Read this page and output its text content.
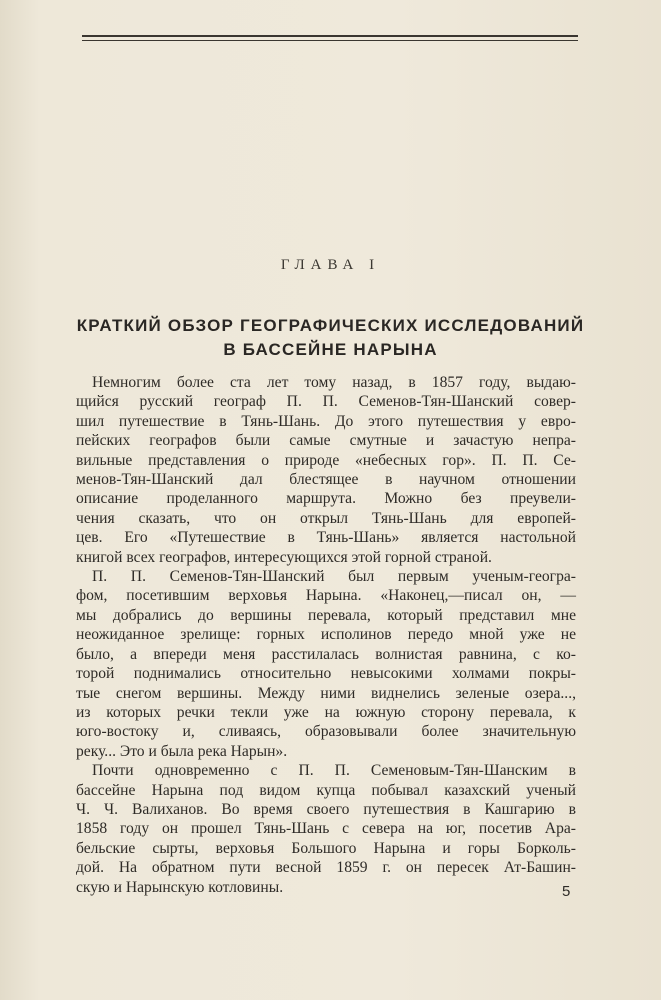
ГЛАВА I
КРАТКИЙ ОБЗОР ГЕОГРАФИЧЕСКИХ ИССЛЕДОВАНИЙ
В БАССЕЙНЕ НАРЫНА

Немногим более ста лет тому назад, в 1857 году, выдаю-
щийся русский географ П. П. Семенов-Тян-Шанский совер-
шил путешествие в Тянь-Шань. До этого путешествия у евро-
пейских географов были самые смутные и зачастую непра-
вильные представления о природе «небесных гор». П. П. Се-
менов-Тян-Шанский дал блестящее в научном отношении
описание проделанного маршрута. Можно без преувели-
чения сказать, что он открыл Тянь-Шань для европей-
цев. Его «Путешествие в Тянь-Шань» является настольной
книгой всех географов, интересующихся этой горной страной.

П. П. Семенов-Тян-Шанский был первым ученым-геогра-
фом, посетившим верховья Нарына. «Наконец,—писал он, —
мы добрались до вершины перевала, который представил мне
неожиданное зрелище: горных исполинов передо мной уже не
было, а впереди меня расстилалась волнистая равнина, с ко-
торой поднимались относительно невысокими холмами покры-
тые снегом вершины. Между ними виднелись зеленые озера...,
из которых речки текли уже на южную сторону перевала, к
юго-востоку и, сливаясь, образовывали более значительную
реку... Это и была река Нарын».

Почти одновременно с П. П. Семеновым-Тян-Шанским в
бассейне Нарына под видом купца побывал казахский ученый
Ч. Ч. Валиханов. Во время своего путешествия в Кашгарию в
1858 году он прошел Тянь-Шань с севера на юг, посетив Ара-
бельские сырты, верховья Большого Нарына и горы Борколь-
дой. На обратном пути весной 1859 г. он пересек Ат-Башин-
скую и Нарынскую котловины.	5
